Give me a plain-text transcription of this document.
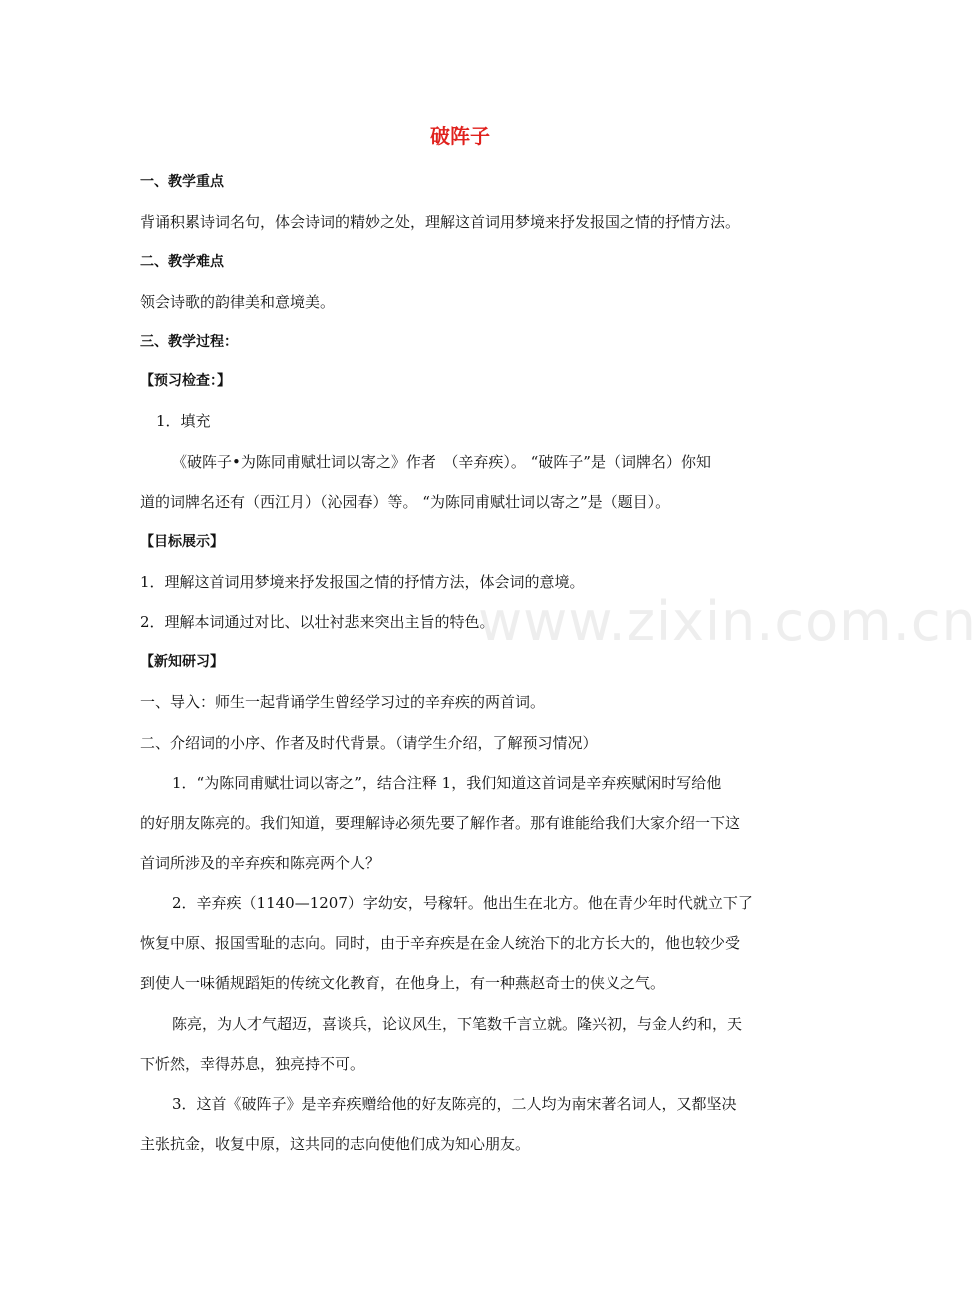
破阵子
一、教学重点
背诵积累诗词名句，体会诗词的精妙之处，理解这首词用梦境来抒发报国之情的抒情方法。
二、教学难点
领会诗歌的韵律美和意境美。
三、教学过程：
【预习检查：】
1．填充
《破阵子•为陈同甫赋壮词以寄之》作者　（辛弃疾）。 “破阵子”是（词牌名）你知
道的词牌名还有（西江月）（沁园春）等。 “为陈同甫赋壮词以寄之”是（题目）。
【目标展示】
1．理解这首词用梦境来抒发报国之情的抒情方法，体会词的意境。
2．理解本词通过对比、以壮衬悲来突出主旨的特色。
【新知研习】
一、导入：师生一起背诵学生曾经学习过的辛弃疾的两首词。
二、介绍词的小序、作者及时代背景。（请学生介绍，了解预习情况）
1．“为陈同甫赋壮词以寄之”，结合注释 1，我们知道这首词是辛弃疾赋闲时写给他
的好朋友陈亮的。我们知道，要理解诗必须先要了解作者。那有谁能给我们大家介绍一下这
首词所涉及的辛弃疾和陈亮两个人？
2．辛弃疾（1140—1207）字幼安，号稼轩。他出生在北方。他在青少年时代就立下了
恢复中原、报国雪耻的志向。同时，由于辛弃疾是在金人统治下的北方长大的，他也较少受
到使人一味循规蹈矩的传统文化教育，在他身上，有一种燕赵奇士的侠义之气。
陈亮，为人才气超迈，喜谈兵，论议风生，下笔数千言立就。隆兴初，与金人约和，天
下忻然，幸得苏息，独亮持不可。
3．这首《破阵子》是辛弃疾赠给他的好友陈亮的，二人均为南宋著名词人，又都坚决
主张抗金，收复中原，这共同的志向使他们成为知心朋友。
www.zixin.com.cn
